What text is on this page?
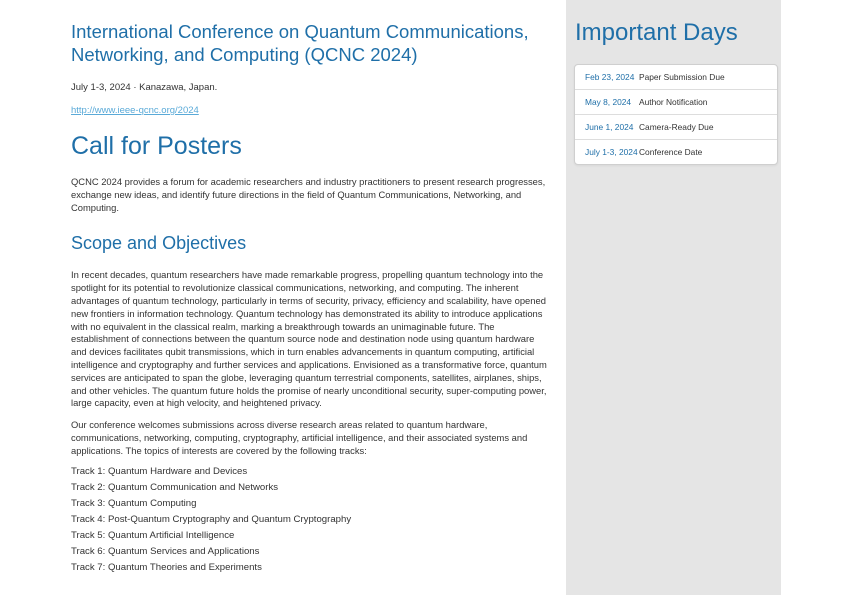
International Conference on Quantum Communications, Networking, and Computing (QCNC 2024)

July 1-3, 2024 · Kanazawa, Japan.

http://www.ieee-qcnc.org/2024
Call for Posters

QCNC 2024 provides a forum for academic researchers and industry practitioners to present research progresses, exchange new ideas, and identify future directions in the field of Quantum Communications, Networking, and Computing.

Scope and Objectives

In recent decades, quantum researchers have made remarkable progress, propelling quantum technology into the spotlight for its potential to revolutionize classical communications, networking, and computing. The inherent advantages of quantum technology, particularly in terms of security, privacy, efficiency and scalability, have opened new frontiers in information technology. Quantum technology has demonstrated its ability to introduce applications with no equivalent in the classical realm, marking a breakthrough towards an unimaginable future. The establishment of connections between the quantum source node and destination node using quantum hardware and devices facilitates qubit transmissions, which in turn enables advancements in quantum computing, artificial intelligence and cryptography and further services and applications. Envisioned as a transformative force, quantum services are anticipated to span the globe, leveraging quantum terrestrial components, satellites, airplanes, ships, and other vehicles. The quantum future holds the promise of nearly unconditional security, super-computing power, large capacity, even at high velocity, and heightened privacy.

Our conference welcomes submissions across diverse research areas related to quantum hardware, communications, networking, computing, cryptography, artificial intelligence, and their associated systems and applications. The topics of interests are covered by the following tracks:

Track 1: Quantum Hardware and Devices
Track 2: Quantum Communication and Networks
Track 3: Quantum Computing
Track 4: Post-Quantum Cryptography and Quantum Cryptography
Track 5: Quantum Artificial Intelligence
Track 6: Quantum Services and Applications
Track 7: Quantum Theories and Experiments
Important Days
Feb 23, 2024 Paper Submission Due
May 8, 2024 Author Notification
June 1, 2024 Camera-Ready Due
July 1-3, 2024 Conference Date
